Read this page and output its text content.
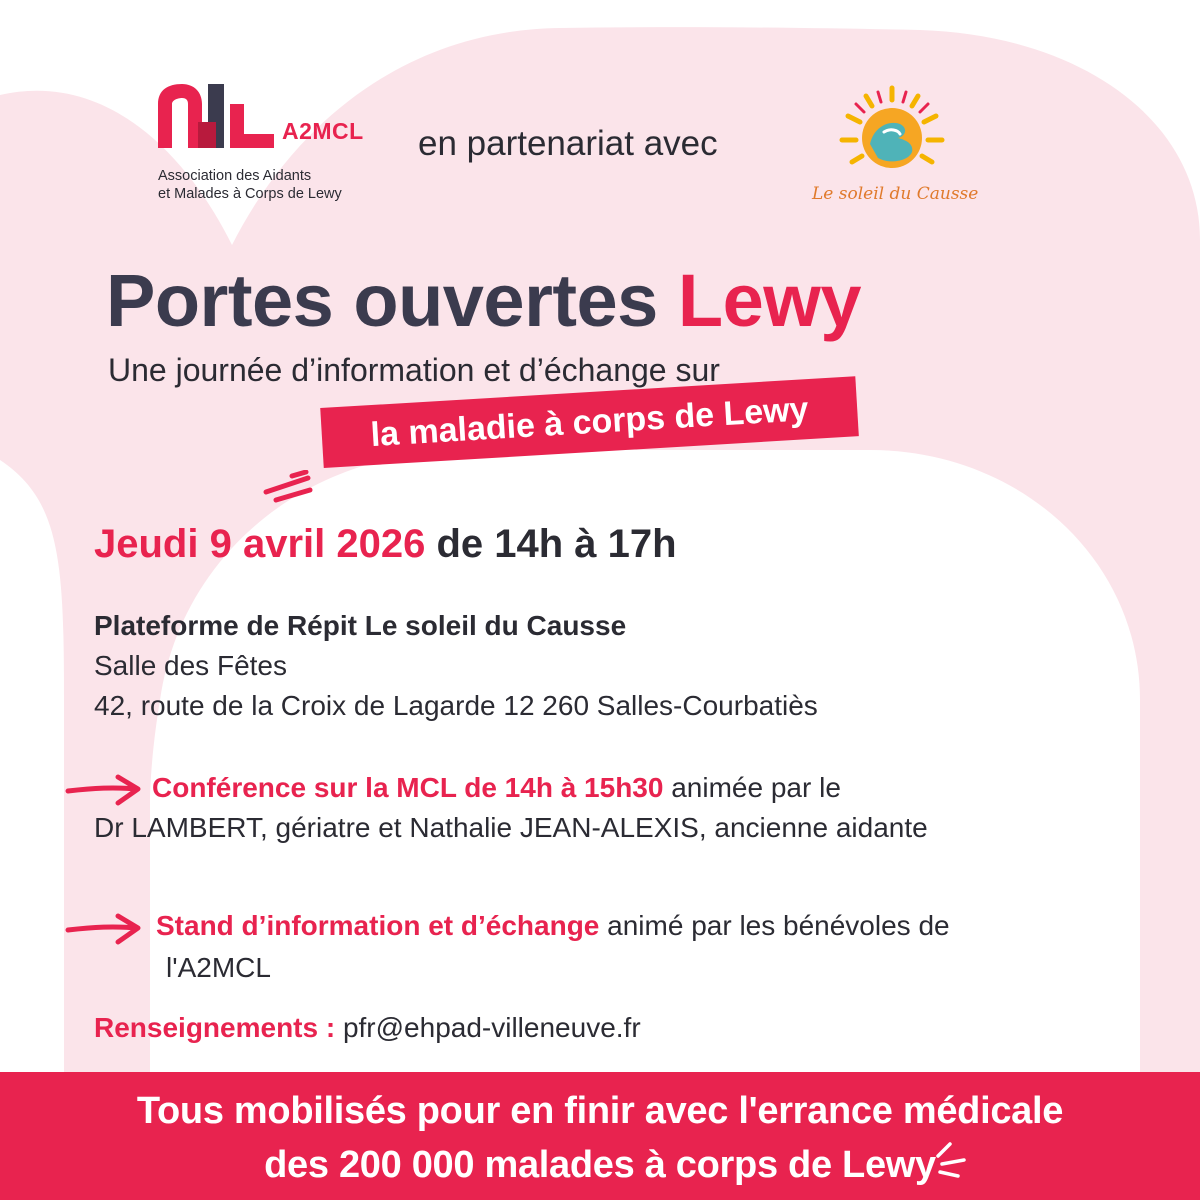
A2MCL
Association des Aidants
et Malades à Corps de Lewy
en partenariat avec
Le soleil du Causse
Portes ouvertes Lewy
Une journée d’information et d’échange sur
la maladie à corps de Lewy
Jeudi 9 avril 2026 de 14h à 17h
Plateforme de Répit Le soleil du Causse
Salle des Fêtes
42, route de la Croix de Lagarde 12 260 Salles-Courbatiès
Conférence sur la MCL de 14h à 15h30 animée par le
Dr LAMBERT, gériatre et Nathalie JEAN-ALEXIS, ancienne aidante
Stand d’information et d’échange animé par les bénévoles de
l'A2MCL
Renseignements : pfr@ehpad-villeneuve.fr
Tous mobilisés pour en finir avec l'errance médicale
des 200 000 malades à corps de Lewy
